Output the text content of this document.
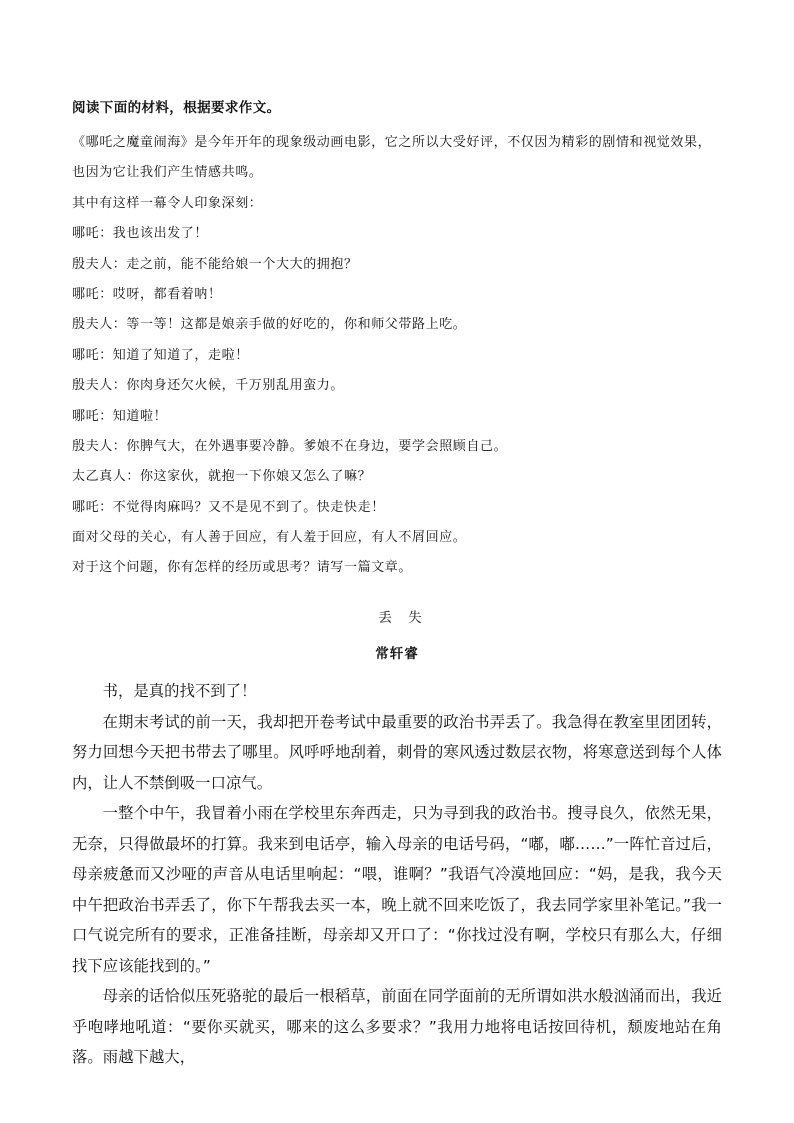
阅读下面的材料，根据要求作文。
《哪吒之魔童闹海》是今年开年的现象级动画电影，它之所以大受好评，不仅因为精彩的剧情和视觉效果，
也因为它让我们产生情感共鸣。
其中有这样一幕令人印象深刻：
哪吒：我也该出发了！
殷夫人：走之前，能不能给娘一个大大的拥抱？
哪吒：哎呀，都看着呐！
殷夫人：等一等！这都是娘亲手做的好吃的，你和师父带路上吃。
哪吒：知道了知道了，走啦！
殷夫人：你肉身还欠火候，千万别乱用蛮力。
哪吒：知道啦！
殷夫人：你脾气大，在外遇事要冷静。爹娘不在身边，要学会照顾自己。
太乙真人：你这家伙，就抱一下你娘又怎么了嘛？
哪吒：不觉得肉麻吗？又不是见不到了。快走快走！
面对父母的关心，有人善于回应，有人羞于回应，有人不屑回应。
对于这个问题，你有怎样的经历或思考？请写一篇文章。
丢 失
常轩睿

书，是真的找不到了！

在期末考试的前一天，我却把开卷考试中最重要的政治书弄丢了。我急得在教室里团团转，努力回想今天把书带去了哪里。风呼呼地刮着，刺骨的寒风透过数层衣物，将寒意送到每个人体内，让人不禁倒吸一口凉气。

一整个中午，我冒着小雨在学校里东奔西走，只为寻到我的政治书。搜寻良久，依然无果，无奈，只得做最坏的打算。我来到电话亭，输入母亲的电话号码，“嘟，嘟……”一阵忙音过后，母亲疲惫而又沙哑的声音从电话里响起：“喂，谁啊？”我语气冷漠地回应：“妈，是我，我今天中午把政治书弄丢了，你下午帮我去买一本，晚上就不回来吃饭了，我去同学家里补笔记。”我一口气说完所有的要求，正准备挂断，母亲却又开口了：“你找过没有啊，学校只有那么大，仔细找下应该能找到的。”

母亲的话恰似压死骆驼的最后一根稻草，前面在同学面前的无所谓如洪水般汹涌而出，我近乎咆哮地吼道：“要你买就买，哪来的这么多要求？”我用力地将电话按回待机，颓废地站在角落。雨越下越大，
